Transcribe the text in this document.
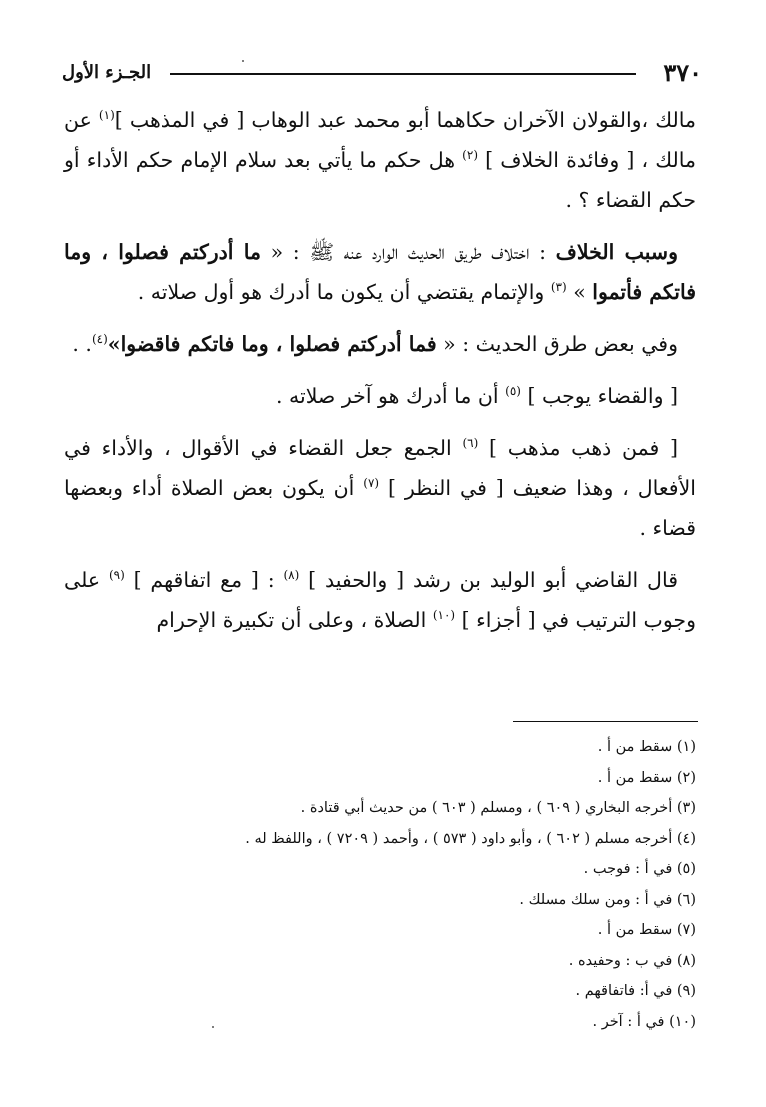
٣٧٠
الجـزء الأول

مالك ،والقولان الآخران حكاهما أبو محمد عبد الوهاب [ في المذهب ]$^{(١)}$ عن مالك ، [ وفائدة الخلاف ] $^{(٢)}$ هل حكم ما يأتي بعد سلام الإمام حكم الأداء أو حكم القضاء ؟ .

وسبب الخلاف : اختلاف طريق الحديث الوارد عنه ﷺ : « ما أدركتم فصلوا ، وما فاتكم فأتموا » $^{(٣)}$ والإتمام يقتضي أن يكون ما أدرك هو أول صلاته .

وفي بعض طرق الحديث : « فما أدركتم فصلوا ، وما فاتكم فاقضوا»$^{(٤)}$. .

[ والقضاء يوجب ] $^{(٥)}$ أن ما أدرك هو آخر صلاته .

[ فمن ذهب مذهب ] $^{(٦)}$ الجمع جعل القضاء في الأقوال ، والأداء في الأفعال ، وهذا ضعيف [ في النظر ] $^{(٧)}$ أن يكون بعض الصلاة أداء وبعضها قضاء .

قال القاضي أبو الوليد بن رشد [ والحفيد ] $^{(٨)}$ : [ مع اتفاقهم ] $^{(٩)}$ على وجوب الترتيب في [ أجزاء ] $^{(١٠)}$ الصلاة ، وعلى أن تكبيرة الإحرام

(١) سقط من أ .
(٢) سقط من أ .
(٣) أخرجه البخاري ( ٦٠٩ ) ، ومسلم ( ٦٠٣ ) من حديث أبي قتادة .
(٤) أخرجه مسلم ( ٦٠٢ ) ، وأبو داود ( ٥٧٣ ) ، وأحمد ( ٧٢٠٩ ) ، واللفظ له .
(٥) في أ : فوجب .
(٦) في أ : ومن سلك مسلك .
(٧) سقط من أ .
(٨) في ب : وحفيده .
(٩) في أ: فاتفاقهم .
(١٠) في أ : آخر .
